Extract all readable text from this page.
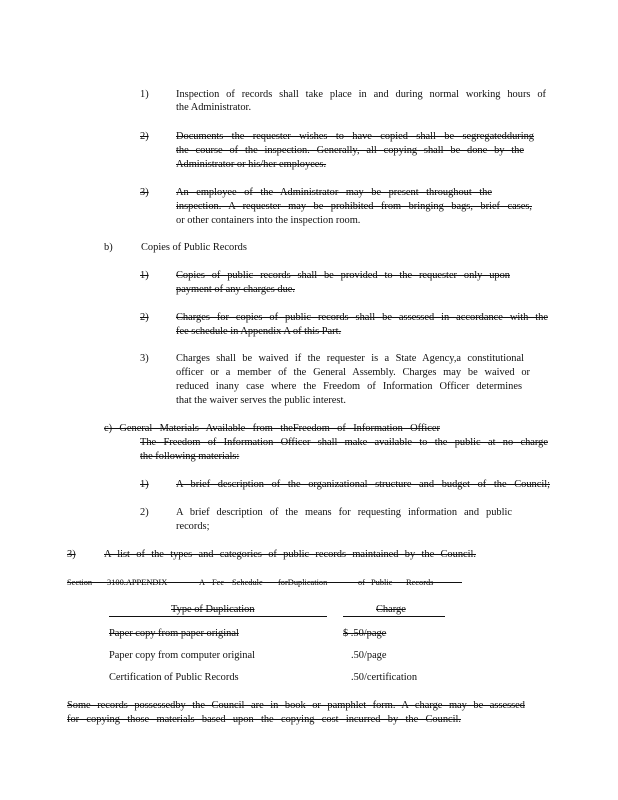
1)	Inspection of records shall take place in and during normal working hours of
the Administrator.
2)	Documents the requester wishes to have copied shall be segregatedduring
the course of the inspection. Generally, all copying shall be done by the
Administrator or his/her employees.
3)	An employee of the Administrator may be present throughout the
inspection. A requester may be prohibited from bringing bags, brief cases,
or other containers into the inspection room.
b)	Copies of Public Records
1)	Copies of public records shall be provided to the requester only upon
payment of any charges due.
2)	Charges for copies of public records shall be assessed in accordance with the
fee schedule in Appendix A of this Part.
3)	Charges shall be waived if the requester is a State Agency,a constitutional
officer or a member of the General Assembly. Charges may be waived or
reduced inany case where the Freedom of Information Officer determines
that the waiver serves the public interest.
c) General Materials Available from theFreedom of Information Officer
The Freedom of Information Officer shall make available to the public at no charge
the following materials:
1)	A brief description of the organizational structure and budget of the Council;
2)	A brief description of the means for requesting information and public
records;
3)	A list of the types and categories of public records maintained by the Council.
Type of Duplication	Charge
Paper copy from paper original	$ .50/page
Paper copy from computer original	.50/page
Certification of Public Records	.50/certification
Some records possessedby the Council are in book or pamphlet form. A charge may be assessed
for copying those materials based upon the copying cost incurred by the Council.
